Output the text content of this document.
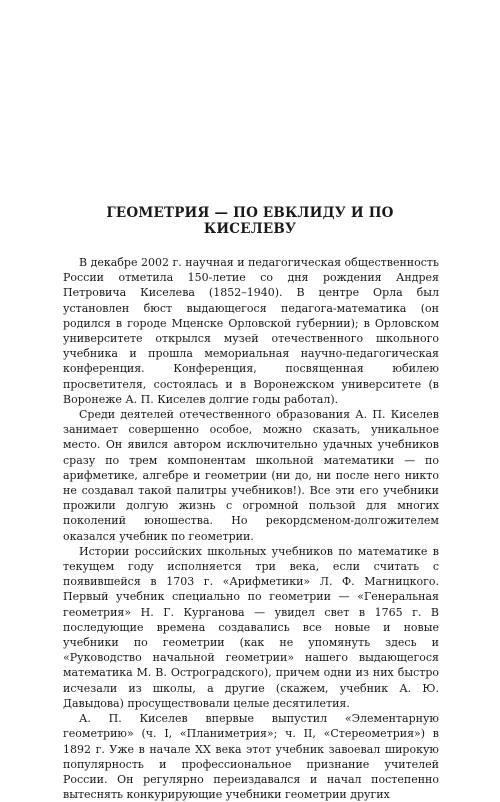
ГЕОМЕТРИЯ — ПО ЕВКЛИДУ И ПО КИСЕЛЕВУ

В декабре 2002 г. научная и педагогическая общественность России отметила 150-летие со дня рождения Андрея Петровича Киселева (1852–1940). В центре Орла был установлен бюст выдающегося педагога-математика (он родился в городе Мценске Орловской губернии); в Орловском университете открылся музей отечественного школьного учебника и прошла мемориальная научно-педагогическая конференция. Конференция, посвященная юбилею просветителя, состоялась и в Воронежском университете (в Воронеже А. П. Киселев долгие годы работал).

Среди деятелей отечественного образования А. П. Киселев занимает совершенно особое, можно сказать, уникальное место. Он явился автором исключительно удачных учебников сразу по трем компонентам школьной математики — по арифметике, алгебре и геометрии (ни до, ни после него никто не создавал такой палитры учебников!). Все эти его учебники прожили долгую жизнь с огромной пользой для многих поколений юношества. Но рекордсменом-долгожителем оказался учебник по геометрии.

Истории российских школьных учебников по математике в текущем году исполняется три века, если считать с появившейся в 1703 г. «Арифметики» Л. Ф. Магницкого. Первый учебник специально по геометрии — «Генеральная геометрия» Н. Г. Курганова — увидел свет в 1765 г. В последующие времена создавались все новые и новые учебники по геометрии (как не упомянуть здесь и «Руководство начальной геометрии» нашего выдающегося математика М. В. Остроградского), причем одни из них быстро исчезали из школы, а другие (скажем, учебник А. Ю. Давыдова) просуществовали целые десятилетия.

А. П. Киселев впервые выпустил «Элементарную геометрию» (ч. I, «Планиметрия»; ч. II, «Стереометрия») в 1892 г. Уже в начале XX века этот учебник завоевал широкую популярность и профессиональное признание учителей России. Он регулярно переиздавался и начал постепенно вытеснять конкурирующие учебники геометрии других
